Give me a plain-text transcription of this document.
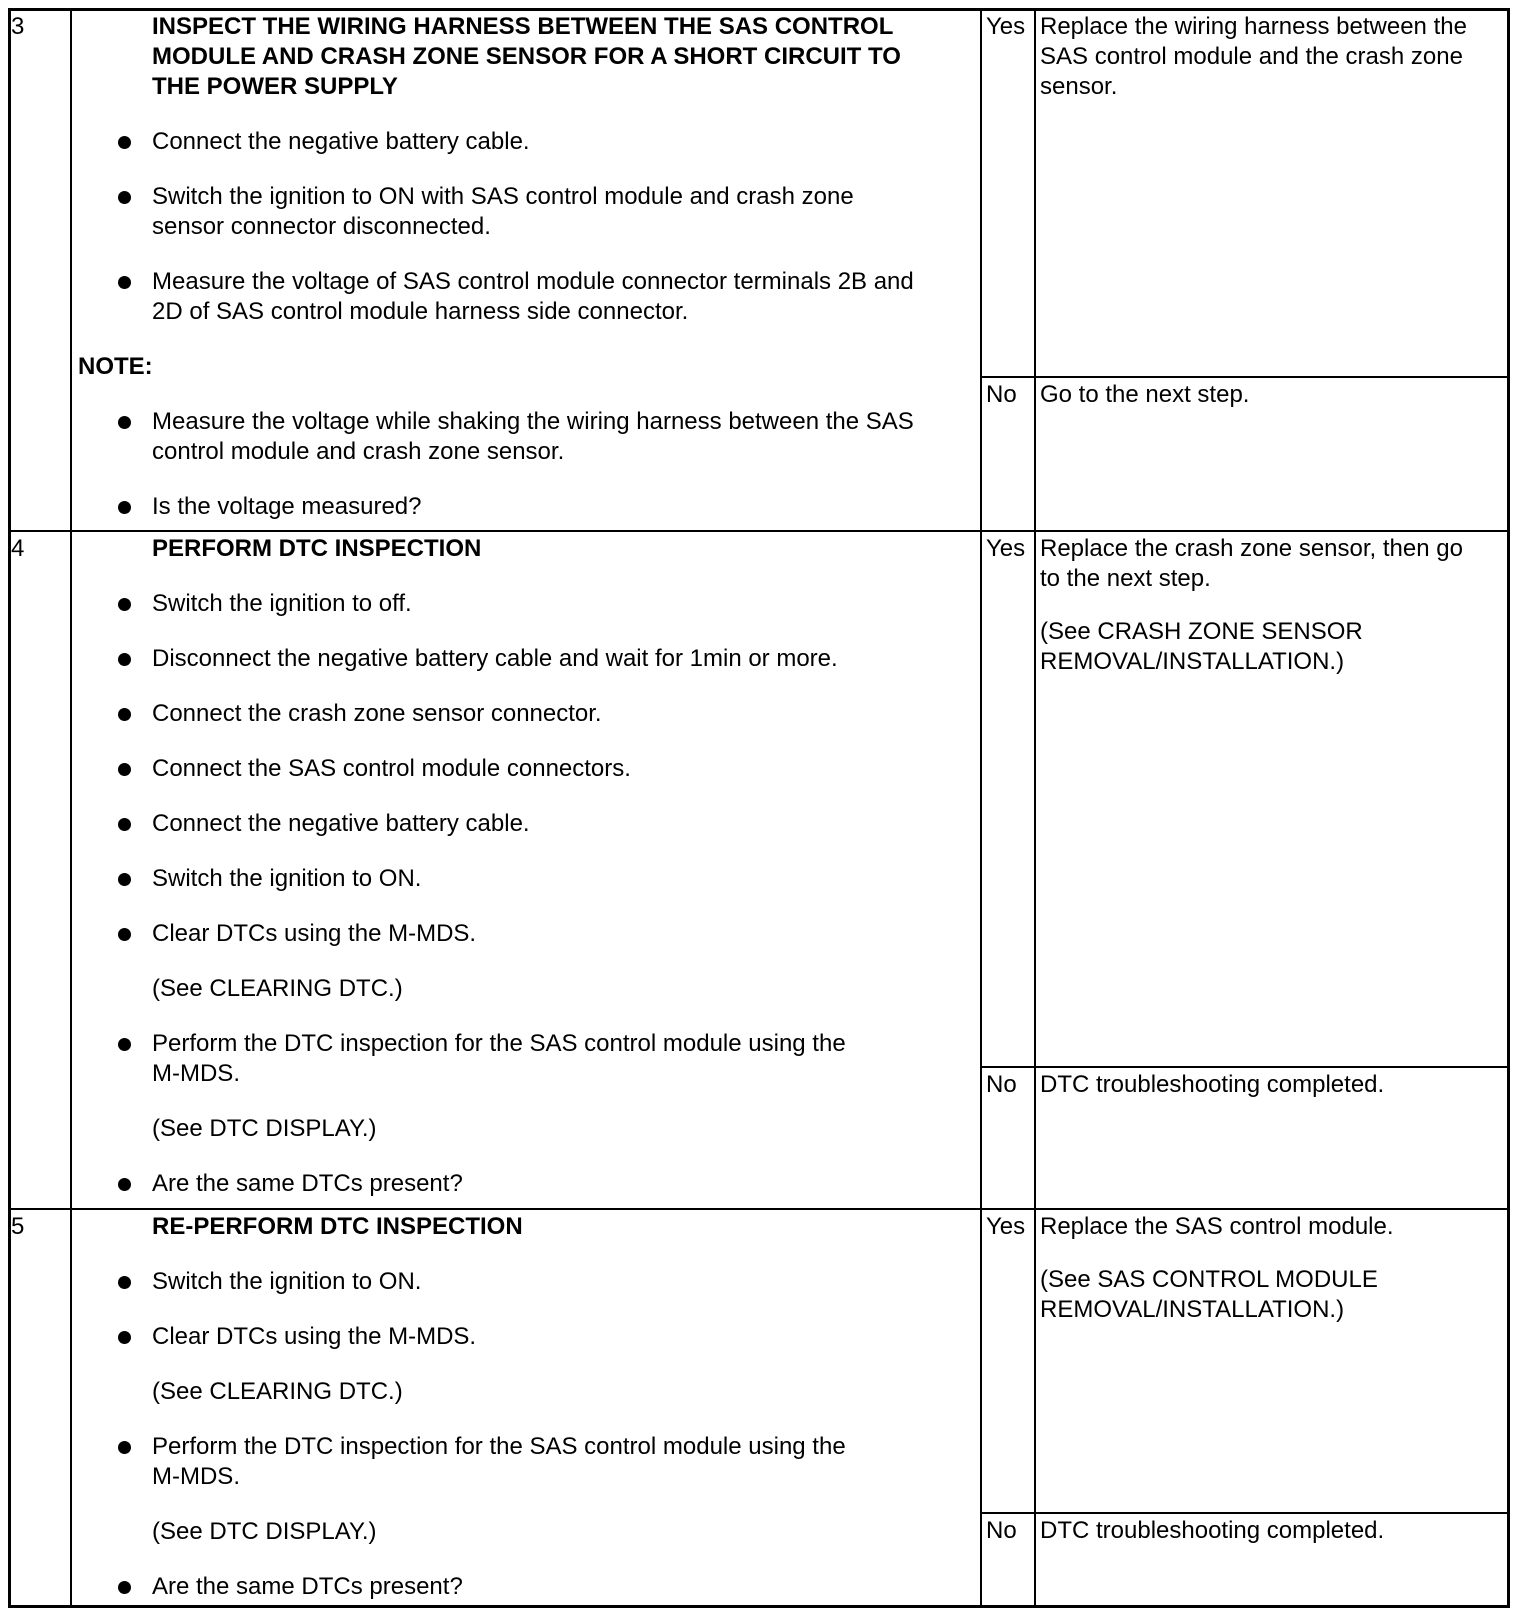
3	INSPECT THE WIRING HARNESS BETWEEN THE SAS CONTROL
MODULE AND CRASH ZONE SENSOR FOR A SHORT CIRCUIT TO
THE POWER SUPPLY
Connect the negative battery cable.
Switch the ignition to ON with SAS control module and crash zone
sensor connector disconnected.
Measure the voltage of SAS control module connector terminals 2B and
2D of SAS control module harness side connector.
NOTE:
Measure the voltage while shaking the wiring harness between the SAS
control module and crash zone sensor.
Is the voltage measured?
Yes Replace the wiring harness between the
SAS control module and the crash zone
sensor.
No Go to the next step.
4	PERFORM DTC INSPECTION
Switch the ignition to off.
Disconnect the negative battery cable and wait for 1min or more.
Connect the crash zone sensor connector.
Connect the SAS control module connectors.
Connect the negative battery cable.
Switch the ignition to ON.
Clear DTCs using the M-MDS.
(See CLEARING DTC.)
Perform the DTC inspection for the SAS control module using the
M-MDS.
(See DTC DISPLAY.)
Are the same DTCs present?
Yes Replace the crash zone sensor, then go
to the next step.
(See CRASH ZONE SENSOR
REMOVAL/INSTALLATION.)
No DTC troubleshooting completed.
5	RE-PERFORM DTC INSPECTION
Switch the ignition to ON.
Clear DTCs using the M-MDS.
(See CLEARING DTC.)
Perform the DTC inspection for the SAS control module using the
M-MDS.
(See DTC DISPLAY.)
Are the same DTCs present?
Yes Replace the SAS control module.
(See SAS CONTROL MODULE
REMOVAL/INSTALLATION.)
No DTC troubleshooting completed.
